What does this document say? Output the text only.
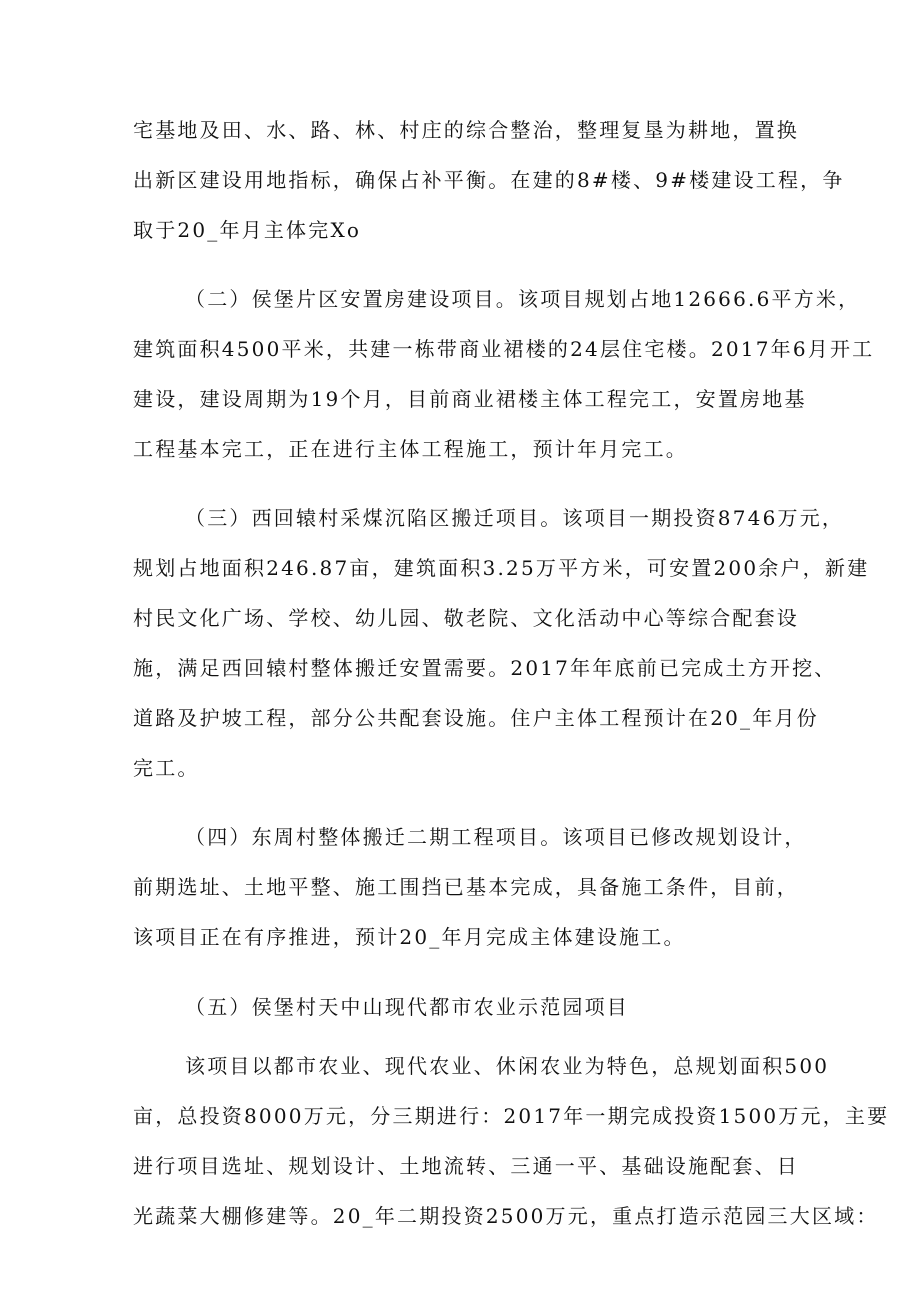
宅基地及田、水、路、林、村庄的综合整治，整理复垦为耕地，置换
出新区建设用地指标，确保占补平衡。在建的8#楼、9#楼建设工程，争
取于20_年月主体完Xo
（二）侯堡片区安置房建设项目。该项目规划占地12666.6平方米，
建筑面积4500平米，共建一栋带商业裙楼的24层住宅楼。2017年6月开工
建设，建设周期为19个月，目前商业裙楼主体工程完工，安置房地基
工程基本完工，正在进行主体工程施工，预计年月完工。
（三）西回辕村采煤沉陷区搬迁项目。该项目一期投资8746万元，
规划占地面积246.87亩，建筑面积3.25万平方米，可安置200余户，新建
村民文化广场、学校、幼儿园、敬老院、文化活动中心等综合配套设
施，满足西回辕村整体搬迁安置需要。2017年年底前已完成土方开挖、
道路及护坡工程，部分公共配套设施。住户主体工程预计在20_年月份
完工。
（四）东周村整体搬迁二期工程项目。该项目已修改规划设计，
前期选址、土地平整、施工围挡已基本完成，具备施工条件，目前，
该项目正在有序推进，预计20_年月完成主体建设施工。
（五）侯堡村天中山现代都市农业示范园项目
该项目以都市农业、现代农业、休闲农业为特色，总规划面积500
亩，总投资8000万元，分三期进行：2017年一期完成投资1500万元，主要
进行项目选址、规划设计、土地流转、三通一平、基础设施配套、日
光蔬菜大棚修建等。20_年二期投资2500万元，重点打造示范园三大区域：
